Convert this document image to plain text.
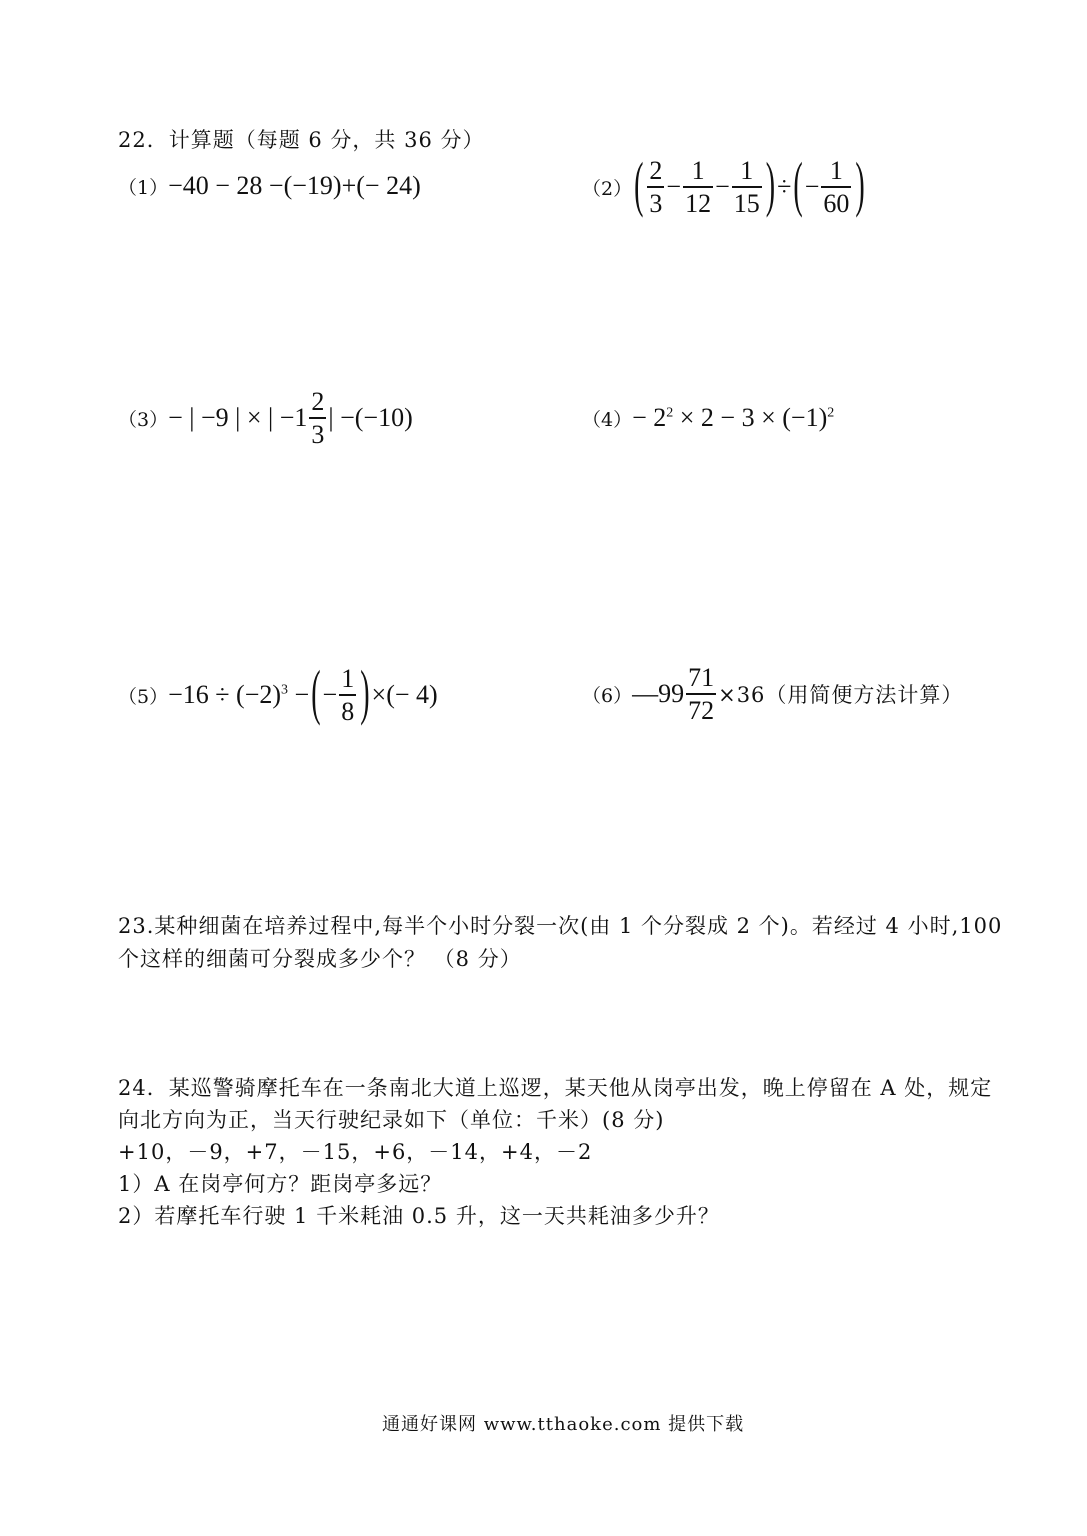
22．计算题（每题 6 分，共 36 分）
（1） −40 − 28 − (−19) + (− 24)	（2） ( $\frac{2}{3} - \frac{1}{12} - \frac{1}{15}$ ) ÷ ( − $\frac{1}{60}$ )
（3） − | −9 | × | $-1 \frac{2}{3}$ | −(−10)	$(4) - 2^2 \times 2 - 3 \times (-1)^2$
$(5) -16 \div (-2)^3$ − ( − $\frac{1}{8}$ ) × (− 4)	（6） —99 $\frac{71}{72} \times 36$（用简便方法计算）
23.某种细菌在培养过程中,每半个小时分裂一次(由 1 个分裂成 2 个)。若经过 4 小时,100
个这样的细菌可分裂成多少个？ （8 分）
24．某巡警骑摩托车在一条南北大道上巡逻，某天他从岗亭出发，晚上停留在 A 处，规定
向北方向为正，当天行驶纪录如下（单位：千米）(8 分)
+10，－9，+7，－15，+6，－14，+4，－2
1）A 在岗亭何方？距岗亭多远？
2）若摩托车行驶 1 千米耗油 0.5 升，这一天共耗油多少升？
通通好课网 www.tthaoke.com 提供下载
